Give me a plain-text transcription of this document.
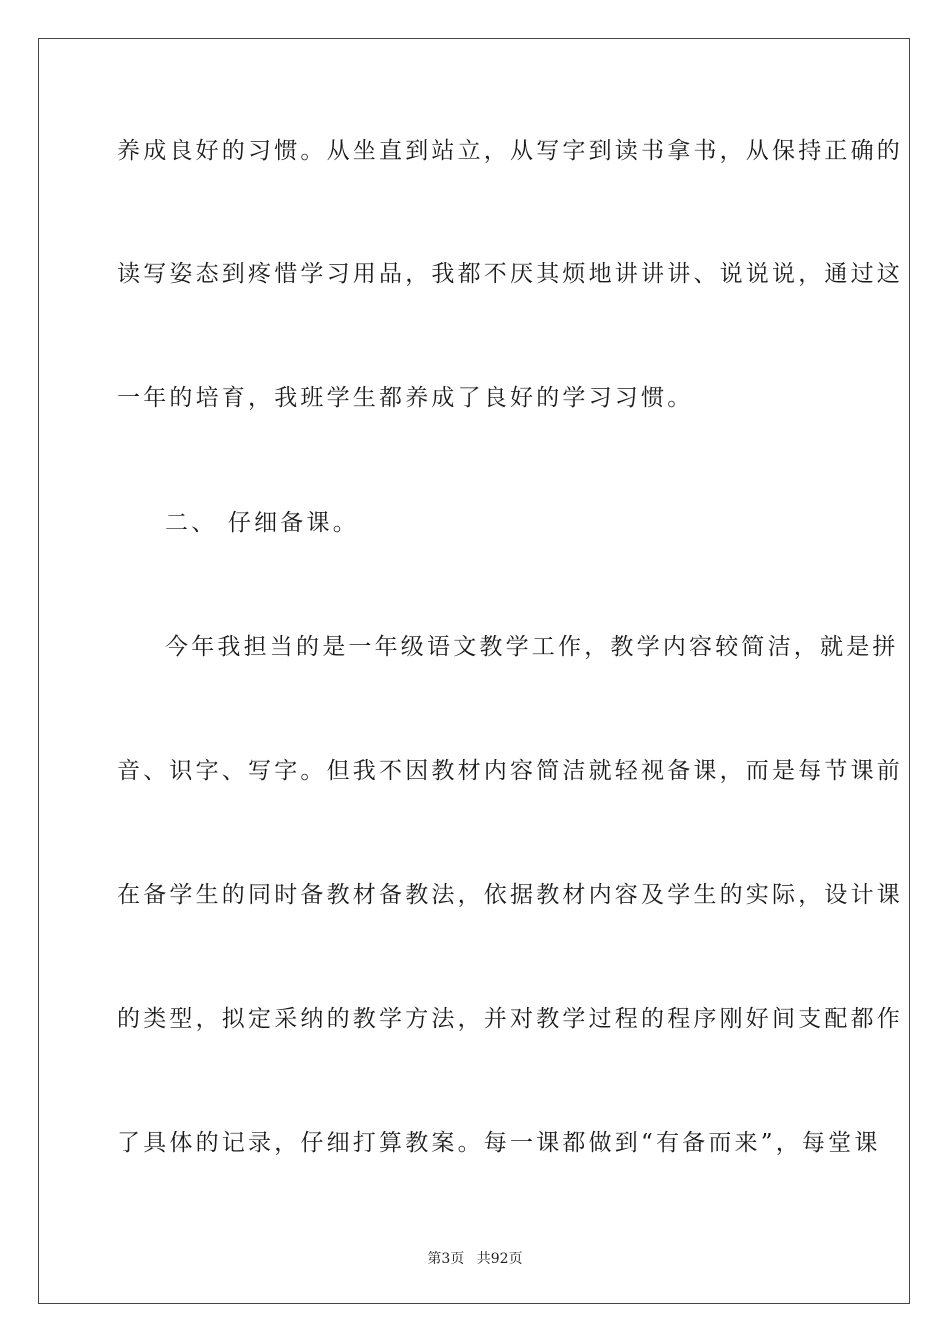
养成良好的习惯。从坐直到站立，从写字到读书拿书，从保持正确的
读写姿态到疼惜学习用品，我都不厌其烦地讲讲讲、说说说，通过这
一年的培育，我班学生都养成了良好的学习习惯。
二、 仔细备课。
今年我担当的是一年级语文教学工作，教学内容较简洁，就是拼
音、识字、写字。但我不因教材内容简洁就轻视备课，而是每节课前
在备学生的同时备教材备教法，依据教材内容及学生的实际，设计课
的类型，拟定采纳的教学方法，并对教学过程的程序刚好间支配都作
了具体的记录，仔细打算教案。每一课都做到“有备而来”，每堂课
第3页 共92页
